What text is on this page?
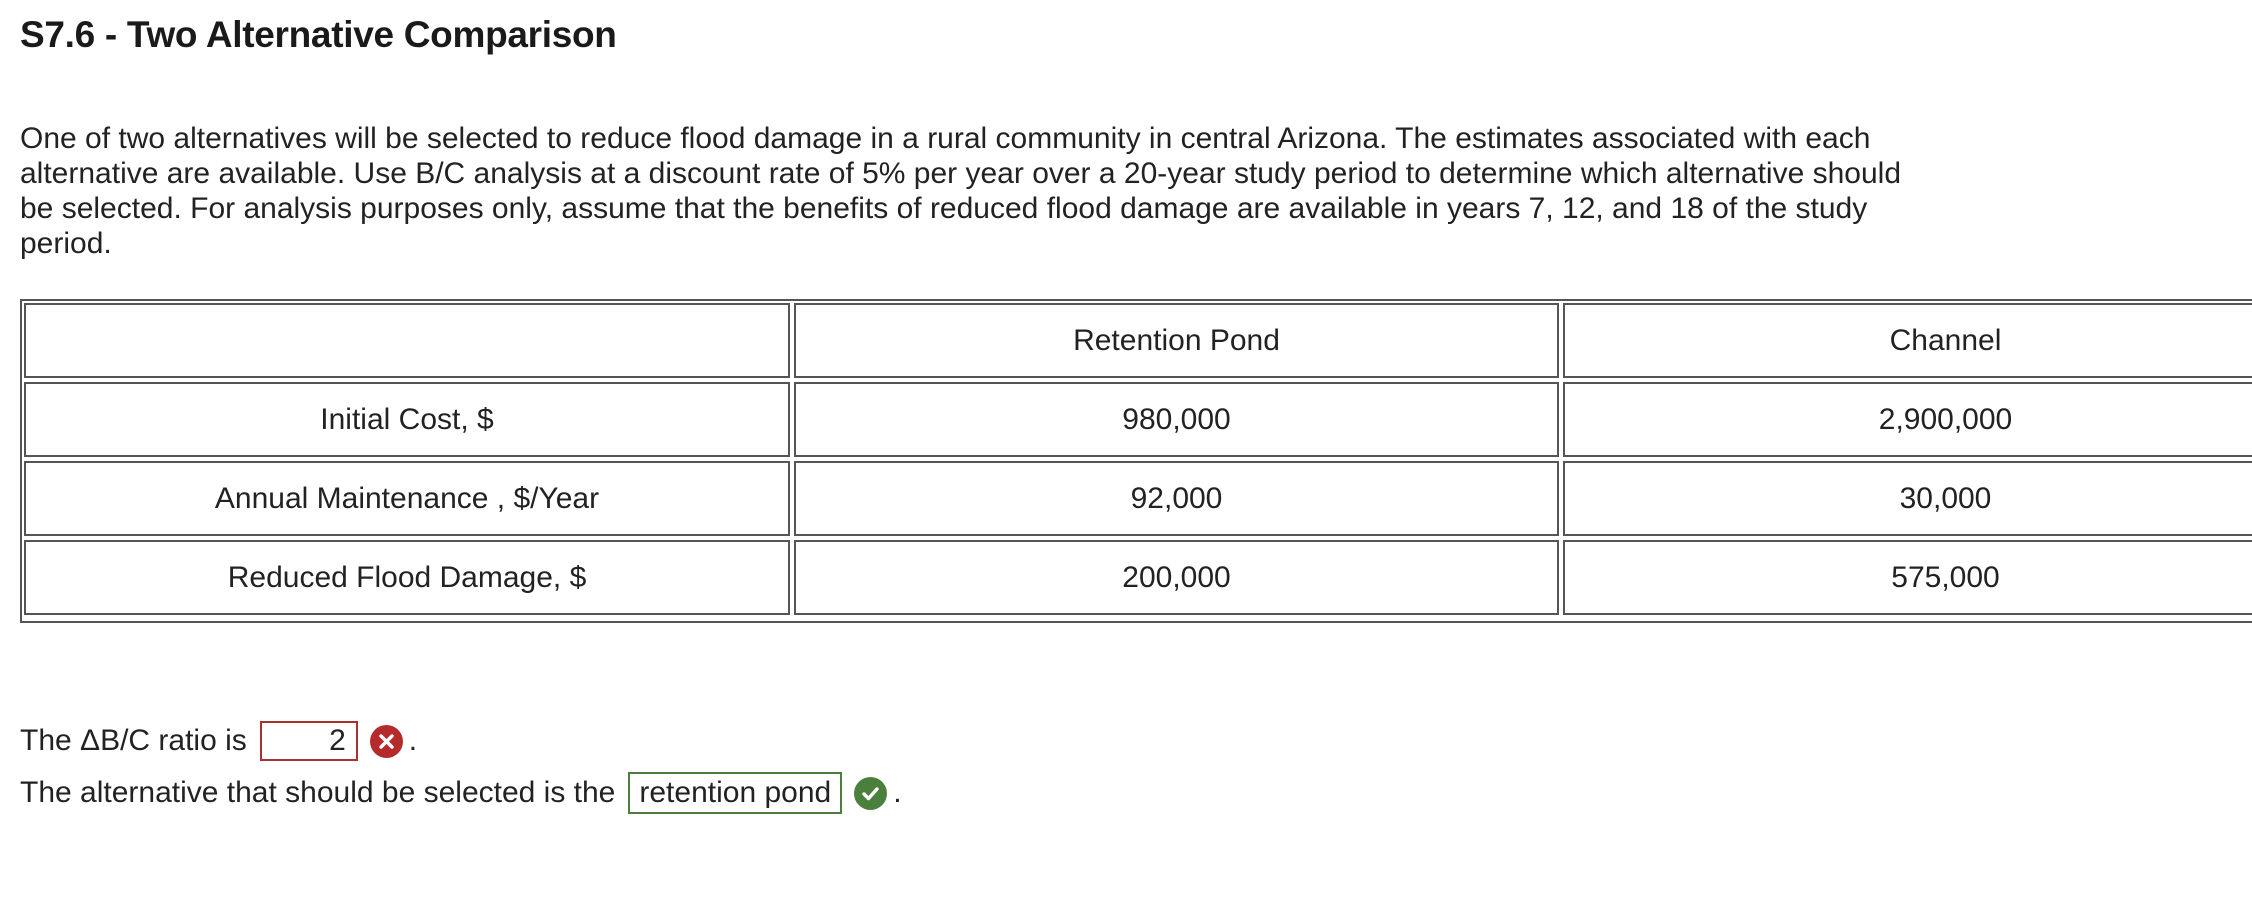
S7.6 - Two Alternative Comparison
One of two alternatives will be selected to reduce flood damage in a rural community in central Arizona. The estimates associated with each alternative are available. Use B/C analysis at a discount rate of 5% per year over a 20-year study period to determine which alternative should be selected. For analysis purposes only, assume that the benefits of reduced flood damage are available in years 7, 12, and 18 of the study period.
	Retention Pond	Channel
Initial Cost, $	980,000	2,900,000
Annual Maintenance , $/Year	92,000	30,000
Reduced Flood Damage, $	200,000	575,000
The ΔB/C ratio is	2	.
The alternative that should be selected is the retention pond	.
